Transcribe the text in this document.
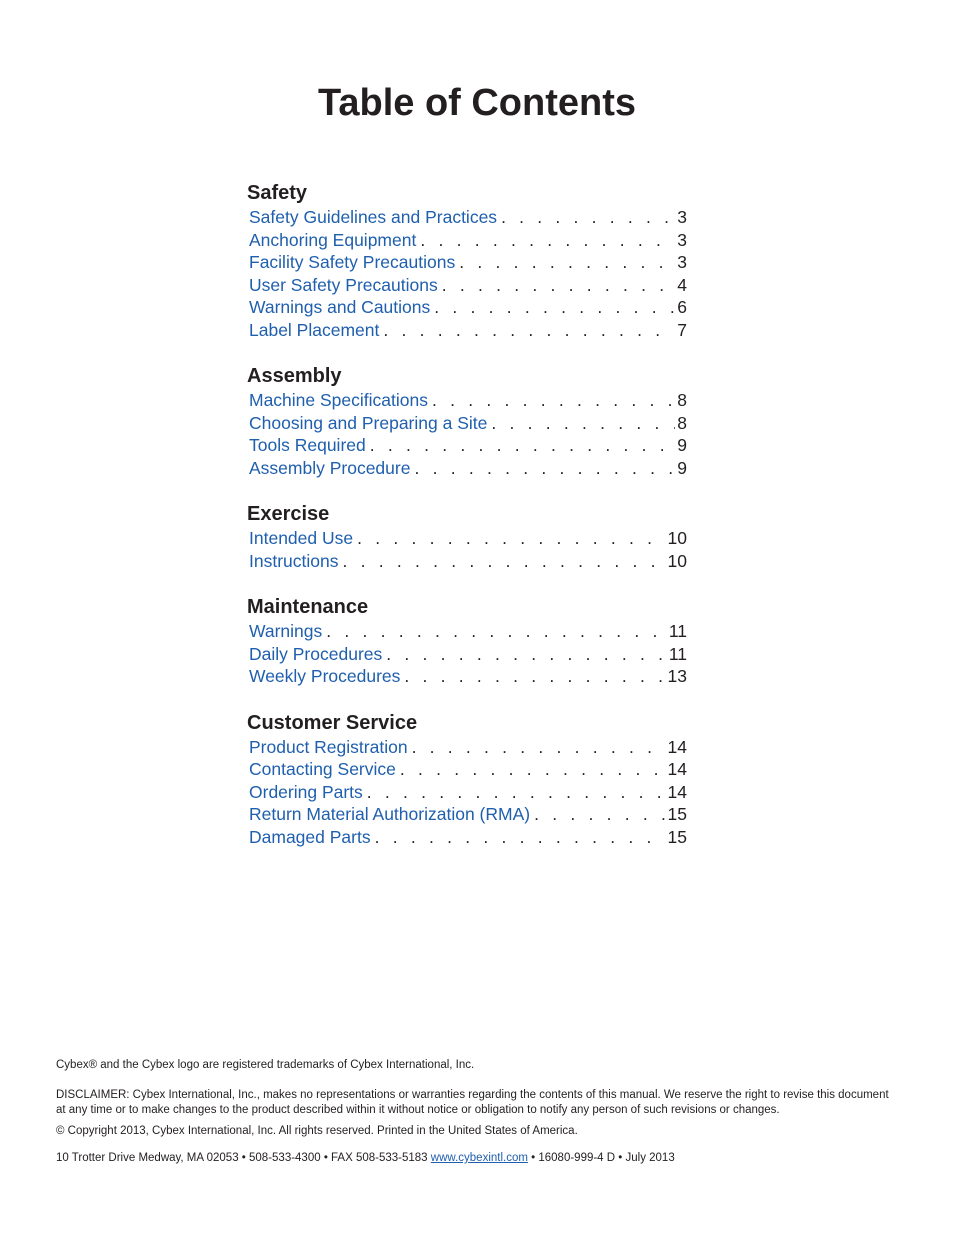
Table of Contents
Safety
Safety Guidelines and Practices . . .	3
Anchoring Equipment . . .	3
Facility Safety Precautions . . .	3
User Safety Precautions . . .	4
Warnings and Cautions . . .	6
Label Placement . . .	7
Assembly
Machine Specifications . . .	8
Choosing and Preparing a Site . . .	8
Tools Required . . .	9
Assembly Procedure . . .	9
Exercise
Intended Use . . .	10
Instructions . . .	10
Maintenance
Warnings . . .	11
Daily Procedures . . .	11
Weekly Procedures . . .	13
Customer Service
Product Registration . . .	14
Contacting Service . . .	14
Ordering Parts . . .	14
Return Material Authorization (RMA) . . .	15
Damaged Parts . . .	15

Cybex® and the Cybex logo are registered trademarks of Cybex International, Inc.

DISCLAIMER: Cybex International, Inc., makes no representations or warranties regarding the contents of this manual. We reserve the right to revise this document at any time or to make changes to the product described within it without notice or obligation to notify any person of such revisions or changes.

© Copyright 2013, Cybex International, Inc. All rights reserved. Printed in the United States of America.

10 Trotter Drive Medway, MA 02053 • 508-533-4300 • FAX 508-533-5183 www.cybexintl.com • 16080-999-4 D • July 2013
